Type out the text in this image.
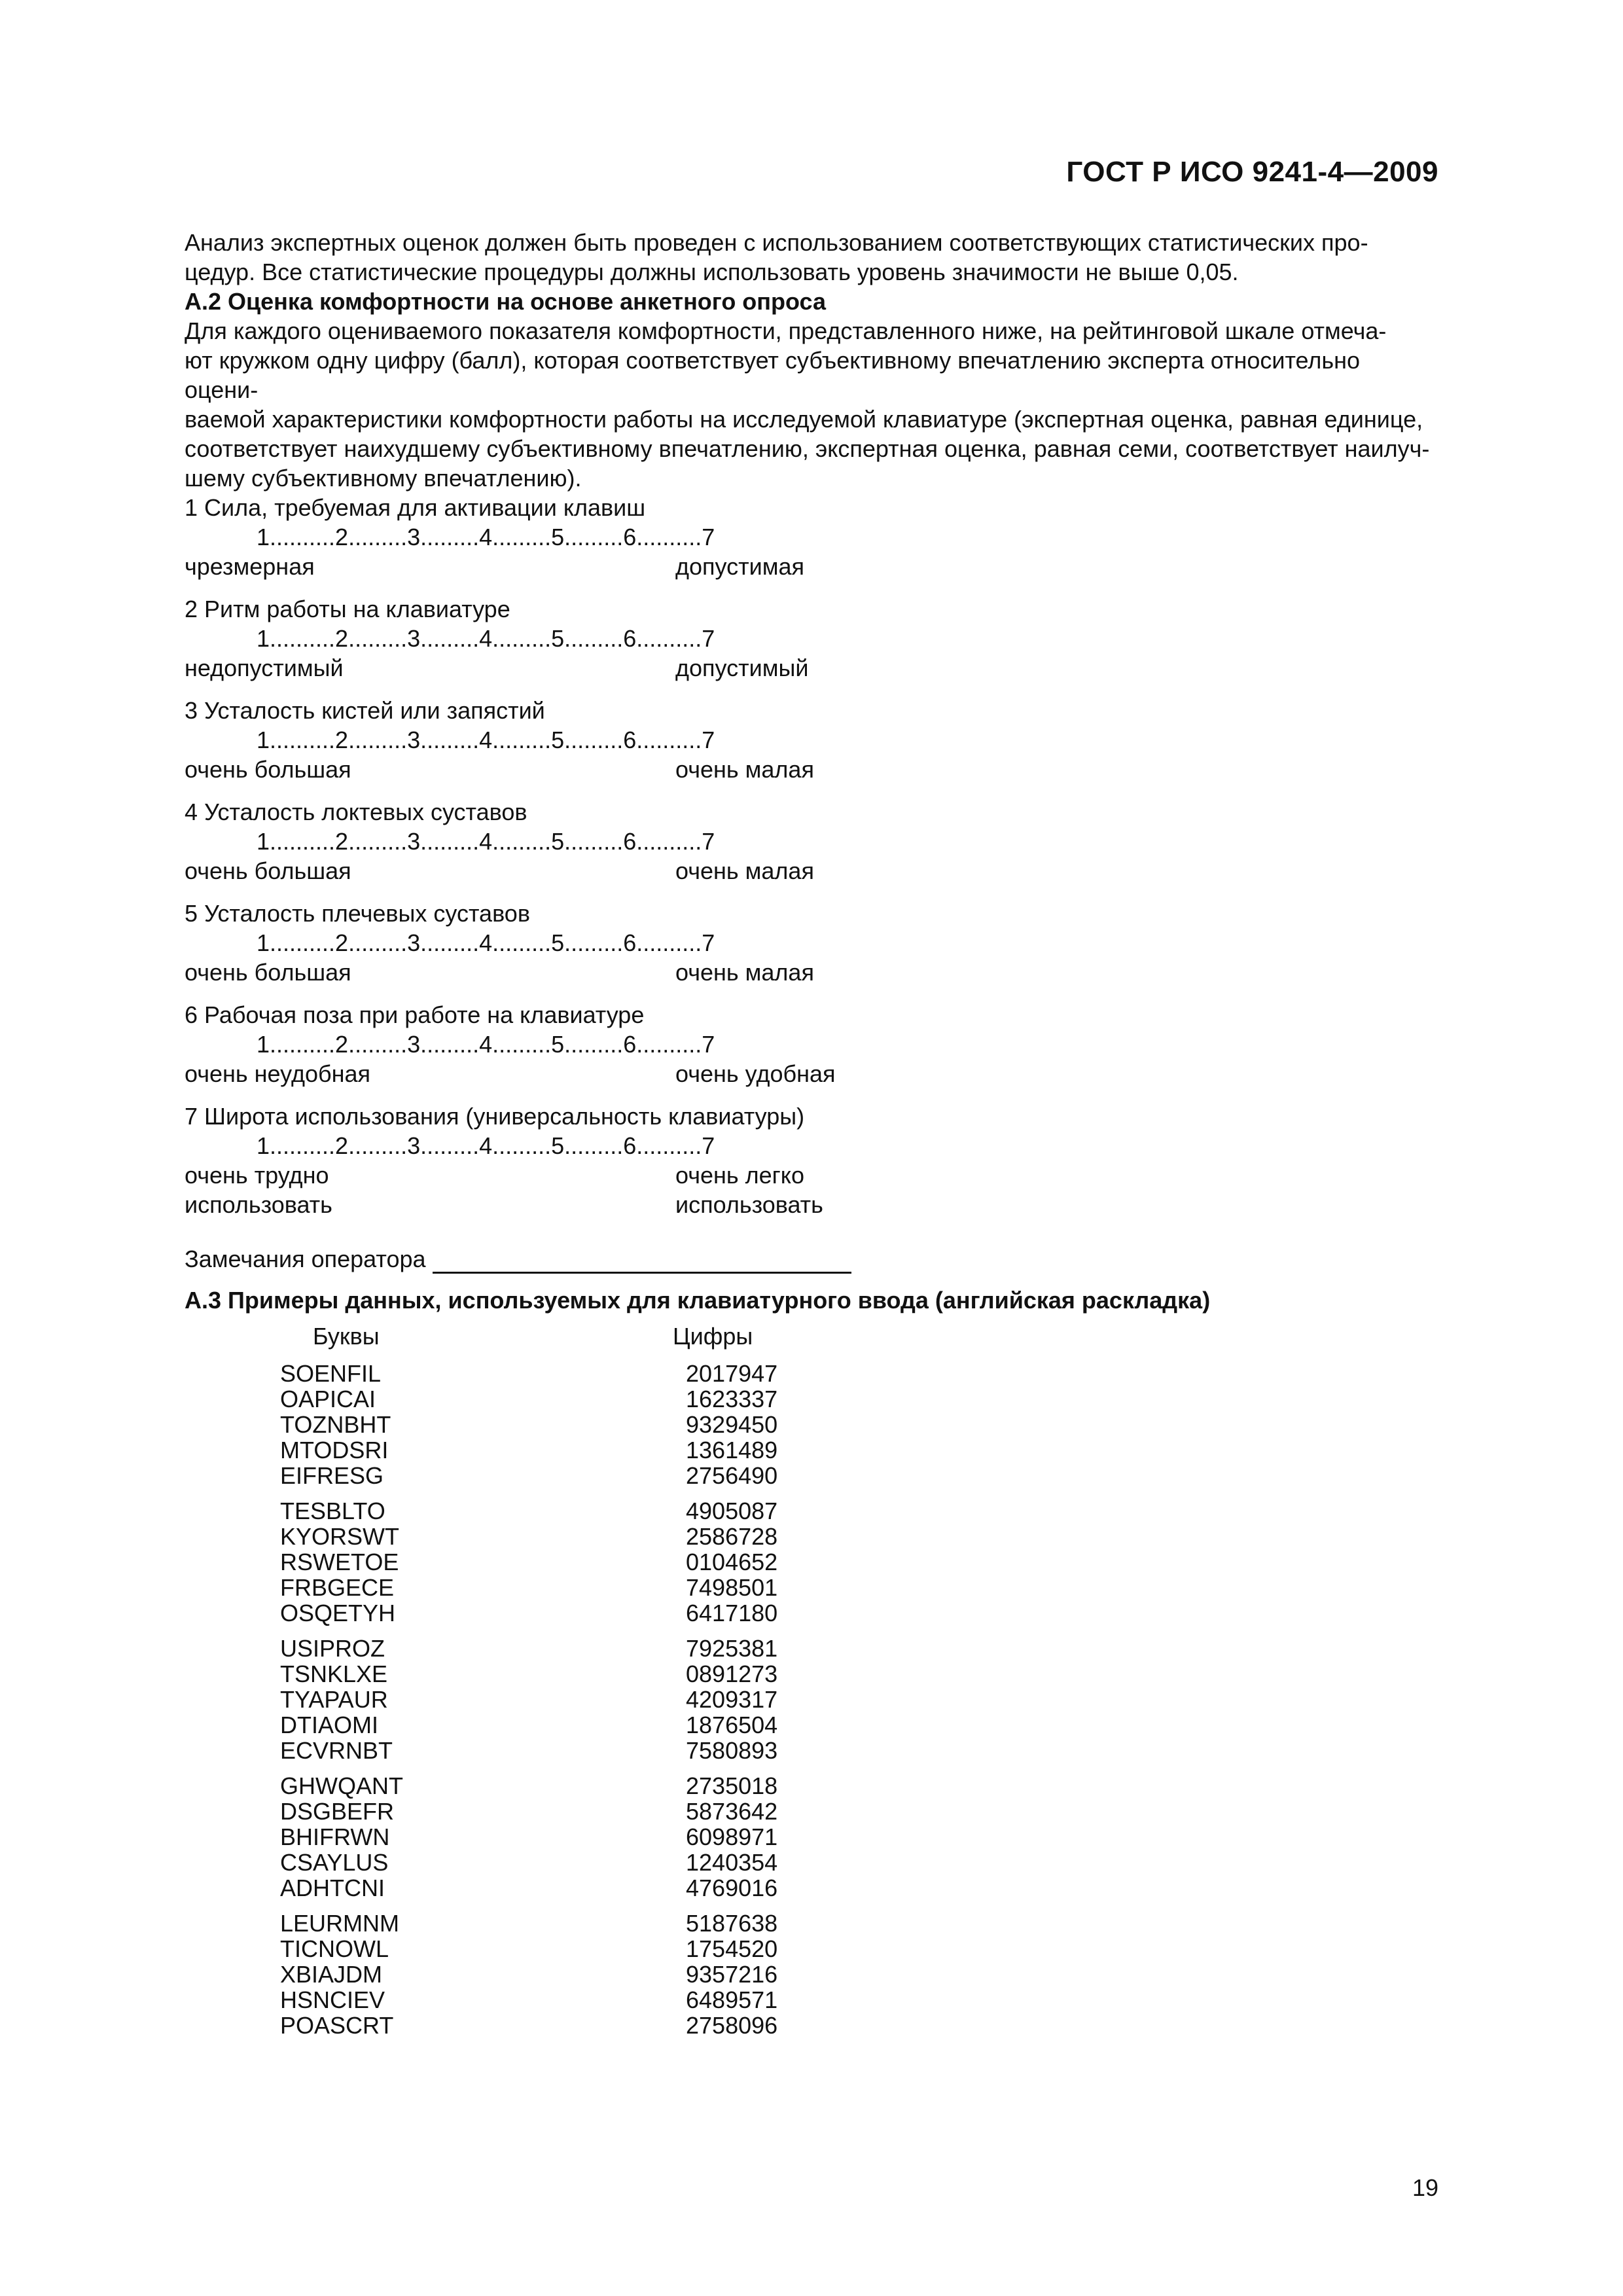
ГОСТ Р ИСО 9241-4—2009
Анализ экспертных оценок должен быть проведен с использованием соответствующих статистических про-
цедур. Все статистические процедуры должны использовать уровень значимости не выше 0,05.
А.2 Оценка комфортности на основе анкетного опроса
Для каждого оцениваемого показателя комфортности, представленного ниже, на рейтинговой шкале отмеча-
ют кружком одну цифру (балл), которая соответствует субъективному впечатлению эксперта относительно оцени-
ваемой характеристики комфортности работы на исследуемой клавиатуре (экспертная оценка, равная единице,
соответствует наихудшему субъективному впечатлению, экспертная оценка, равная семи, соответствует наилуч-
шему субъективному впечатлению).
1 Сила, требуемая для активации клавиш
1..........2.........3.........4.........5.........6..........7
чрезмерная	допустимая
2 Ритм работы на клавиатуре
1..........2.........3.........4.........5.........6..........7
недопустимый	допустимый
3 Усталость кистей или запястий
1..........2.........3.........4.........5.........6..........7
очень большая	очень малая
4 Усталость локтевых суставов
1..........2.........3.........4.........5.........6..........7
очень большая	очень малая
5 Усталость плечевых суставов
1..........2.........3.........4.........5.........6..........7
очень большая	очень малая
6 Рабочая поза при работе на клавиатуре
1..........2.........3.........4.........5.........6..........7
очень неудобная	очень удобная
7 Широта использования (универсальность клавиатуры)
1..........2.........3.........4.........5.........6..........7
очень трудно	очень легко
использовать	использовать
Замечания оператора
А.3 Примеры данных, используемых для клавиатурного ввода (английская раскладка)
Буквы	Цифры
SOENFIL	2017947
OAPICAI	1623337
TOZNBHT	9329450
MTODSRI	1361489
EIFRESG	2756490
TESBLTO	4905087
KYORSWT	2586728
RSWETOE	0104652
FRBGECE	7498501
OSQETYH	6417180
USIPROZ	7925381
TSNKLXE	0891273
TYAPAUR	4209317
DTIAOMI	1876504
ECVRNBT	7580893
GHWQANT	2735018
DSGBEFR	5873642
BHIFRWN	6098971
CSAYLUS	1240354
ADHTCNI	4769016
LEURMNM	5187638
TICNOWL	1754520
XBIAJDM	9357216
HSNCIEV	6489571
POASCRT	2758096
19
